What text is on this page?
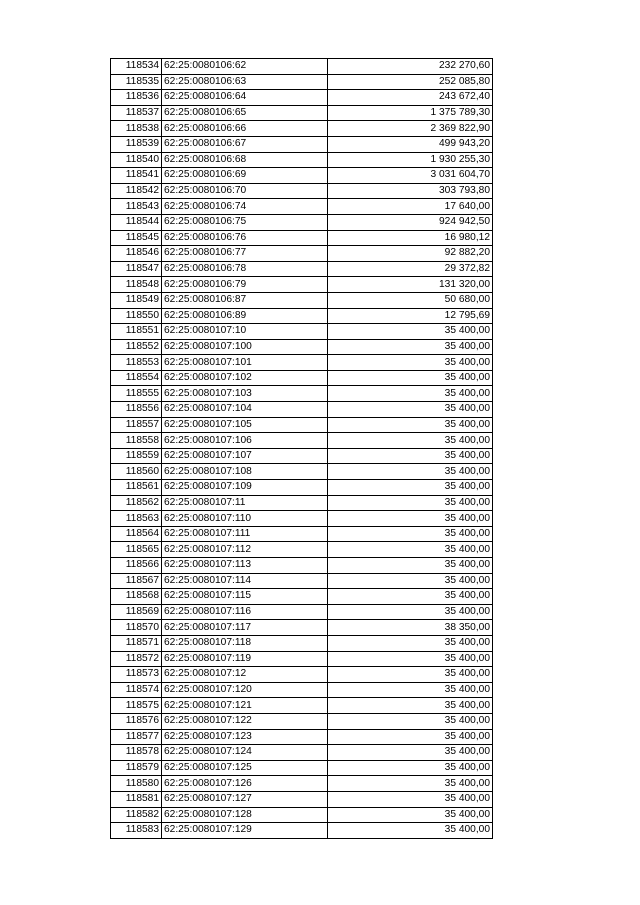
118534	62:25:0080106:62	232 270,60
118535	62:25:0080106:63	252 085,80
118536	62:25:0080106:64	243 672,40
118537	62:25:0080106:65	1 375 789,30
118538	62:25:0080106:66	2 369 822,90
118539	62:25:0080106:67	499 943,20
118540	62:25:0080106:68	1 930 255,30
118541	62:25:0080106:69	3 031 604,70
118542	62:25:0080106:70	303 793,80
118543	62:25:0080106:74	17 640,00
118544	62:25:0080106:75	924 942,50
118545	62:25:0080106:76	16 980,12
118546	62:25:0080106:77	92 882,20
118547	62:25:0080106:78	29 372,82
118548	62:25:0080106:79	131 320,00
118549	62:25:0080106:87	50 680,00
118550	62:25:0080106:89	12 795,69
118551	62:25:0080107:10	35 400,00
118552	62:25:0080107:100	35 400,00
118553	62:25:0080107:101	35 400,00
118554	62:25:0080107:102	35 400,00
118555	62:25:0080107:103	35 400,00
118556	62:25:0080107:104	35 400,00
118557	62:25:0080107:105	35 400,00
118558	62:25:0080107:106	35 400,00
118559	62:25:0080107:107	35 400,00
118560	62:25:0080107:108	35 400,00
118561	62:25:0080107:109	35 400,00
118562	62:25:0080107:11	35 400,00
118563	62:25:0080107:110	35 400,00
118564	62:25:0080107:111	35 400,00
118565	62:25:0080107:112	35 400,00
118566	62:25:0080107:113	35 400,00
118567	62:25:0080107:114	35 400,00
118568	62:25:0080107:115	35 400,00
118569	62:25:0080107:116	35 400,00
118570	62:25:0080107:117	38 350,00
118571	62:25:0080107:118	35 400,00
118572	62:25:0080107:119	35 400,00
118573	62:25:0080107:12	35 400,00
118574	62:25:0080107:120	35 400,00
118575	62:25:0080107:121	35 400,00
118576	62:25:0080107:122	35 400,00
118577	62:25:0080107:123	35 400,00
118578	62:25:0080107:124	35 400,00
118579	62:25:0080107:125	35 400,00
118580	62:25:0080107:126	35 400,00
118581	62:25:0080107:127	35 400,00
118582	62:25:0080107:128	35 400,00
118583	62:25:0080107:129	35 400,00
